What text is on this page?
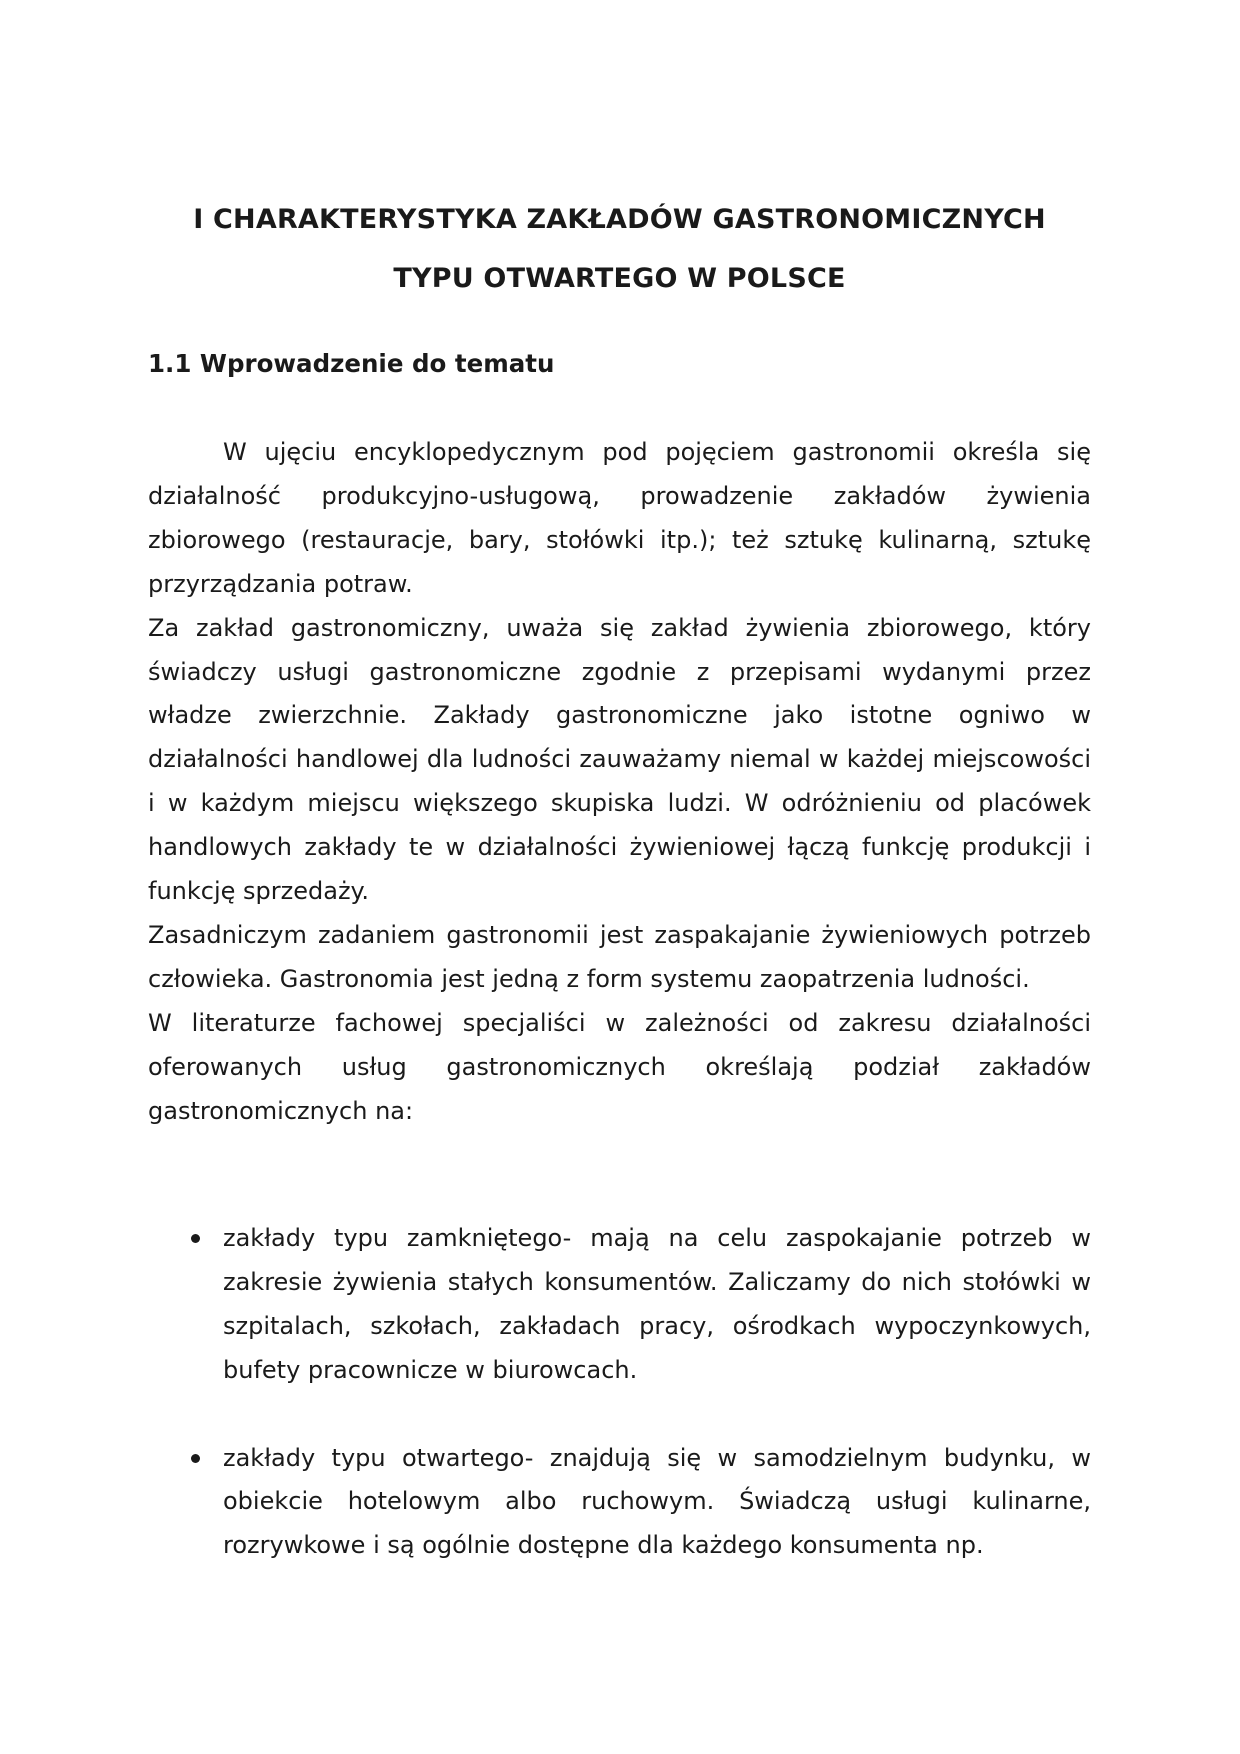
I CHARAKTERYSTYKA ZAKŁADÓW GASTRONOMICZNYCH
TYPU OTWARTEGO W POLSCE
1.1 Wprowadzenie do tematu

W ujęciu encyklopedycznym pod pojęciem gastronomii określa się działalność produkcyjno-usługową, prowadzenie zakładów żywienia zbiorowego (restauracje, bary, stołówki itp.); też sztukę kulinarną, sztukę przyrządzania potraw.

Za zakład gastronomiczny, uważa się zakład żywienia zbiorowego, który świadczy usługi gastronomiczne zgodnie z przepisami wydanymi przez władze zwierzchnie. Zakłady gastronomiczne jako istotne ogniwo w działalności handlowej dla ludności zauważamy niemal w każdej miejscowości i w każdym miejscu większego skupiska ludzi. W odróżnieniu od placówek handlowych zakłady te w działalności żywieniowej łączą funkcję produkcji i funkcję sprzedaży.

Zasadniczym zadaniem gastronomii jest zaspakajanie żywieniowych potrzeb człowieka. Gastronomia jest jedną z form systemu zaopatrzenia ludności.

W literaturze fachowej specjaliści w zależności od zakresu działalności oferowanych usług gastronomicznych określają podział zakładów gastronomicznych na:

zakłady typu zamkniętego- mają na celu zaspokajanie potrzeb w zakresie żywienia stałych konsumentów. Zaliczamy do nich stołówki w szpitalach, szkołach, zakładach pracy, ośrodkach wypoczynkowych, bufety pracownicze w biurowcach.
zakłady typu otwartego- znajdują się w samodzielnym budynku, w obiekcie hotelowym albo ruchowym. Świadczą usługi kulinarne, rozrywkowe i są ogólnie dostępne dla każdego konsumenta np.
